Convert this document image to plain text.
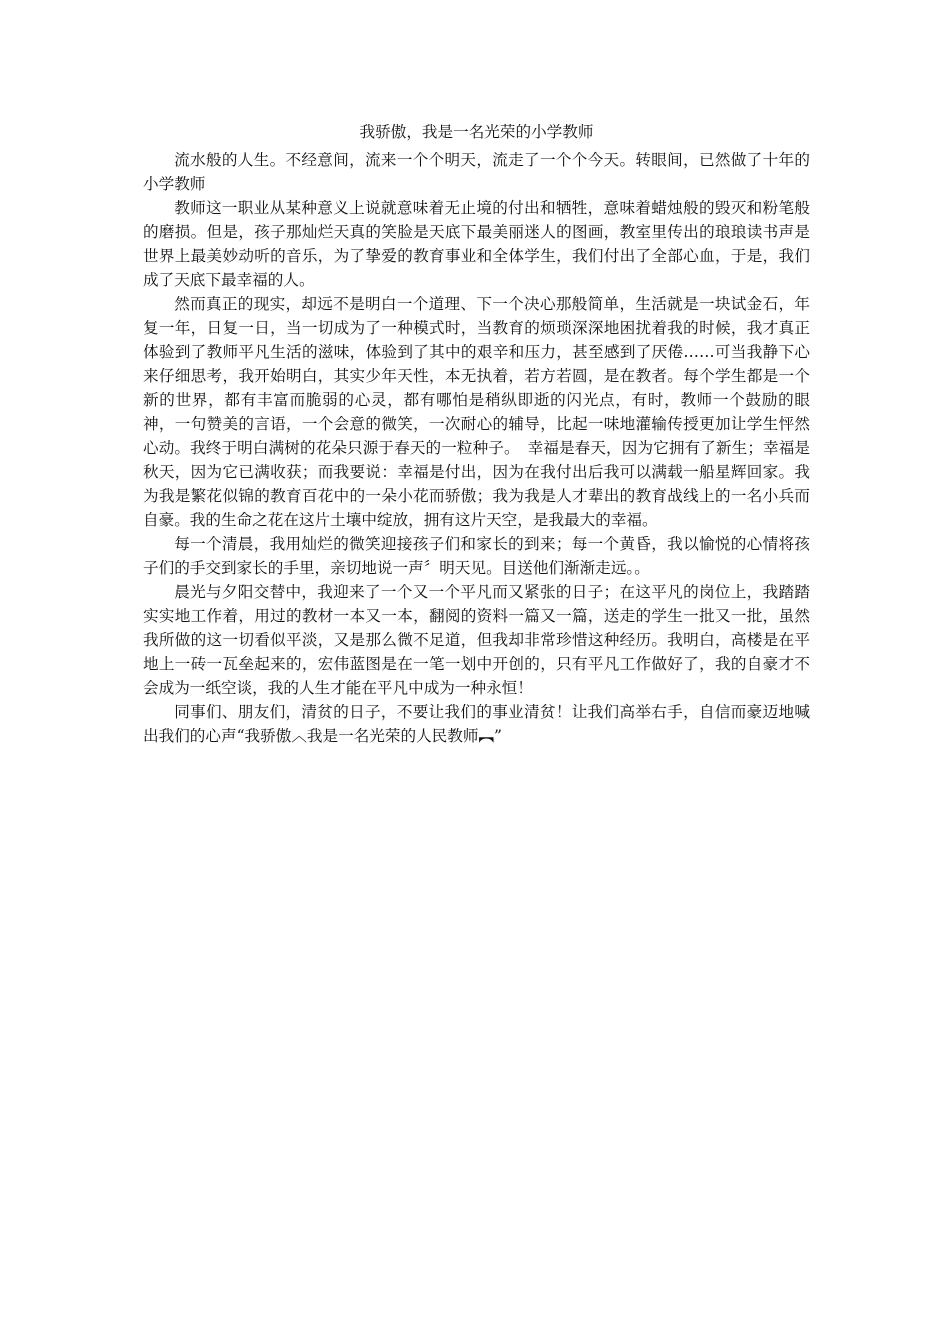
我骄傲，我是一名光荣的小学教师

流水般的人生。不经意间，流来一个个明天，流走了一个个今天。转眼间，已然做了十年的小学教师

教师这一职业从某种意义上说就意味着无止境的付出和牺牲，意味着蜡烛般的毁灭和粉笔般的磨损。但是，孩子那灿烂天真的笑脸是天底下最美丽迷人的图画，教室里传出的琅琅读书声是世界上最美妙动听的音乐，为了挚爱的教育事业和全体学生，我们付出了全部心血，于是，我们成了天底下最幸福的人。

然而真正的现实，却远不是明白一个道理、下一个决心那般简单，生活就是一块试金石，年复一年，日复一日，当一切成为了一种模式时，当教育的烦琐深深地困扰着我的时候，我才真正体验到了教师平凡生活的滋味，体验到了其中的艰辛和压力，甚至感到了厌倦……可当我静下心来仔细思考，我开始明白，其实少年天性，本无执着，若方若圆，是在教者。每个学生都是一个新的世界，都有丰富而脆弱的心灵，都有哪怕是稍纵即逝的闪光点，有时，教师一个鼓励的眼神，一句赞美的言语，一个会意的微笑，一次耐心的辅导，比起一味地灌输传授更加让学生怦然心动。我终于明白满树的花朵只源于春天的一粒种子。　幸福是春天，因为它拥有了新生；幸福是秋天，因为它已满收获；而我要说：幸福是付出，因为在我付出后我可以满载一船星辉回家。我为我是繁花似锦的教育百花中的一朵小花而骄傲；我为我是人才辈出的教育战线上的一名小兵而自豪。我的生命之花在这片土壤中绽放，拥有这片天空，是我最大的幸福。

每一个清晨，我用灿烂的微笑迎接孩子们和家长的到来；每一个黄昏，我以愉悦的心情将孩子们的手交到家长的手里，亲切地说一声〞明天见。目送他们渐渐走远。。

晨光与夕阳交替中，我迎来了一个又一个平凡而又紧张的日子；在这平凡的岗位上，我踏踏实实地工作着，用过的教材一本又一本，翻阅的资料一篇又一篇，送走的学生一批又一批，虽然我所做的这一切看似平淡，又是那么微不足道，但我却非常珍惜这种经历。我明白，高楼是在平地上一砖一瓦垒起来的，宏伟蓝图是在一笔一划中开创的，只有平凡工作做好了，我的自豪才不会成为一纸空谈，我的人生才能在平凡中成为一种永恒！

同事们、朋友们，清贫的日子，不要让我们的事业清贫！让我们高举右手，自信而豪迈地喊出我们的心声“我骄傲︿我是一名光荣的人民教师︻”
